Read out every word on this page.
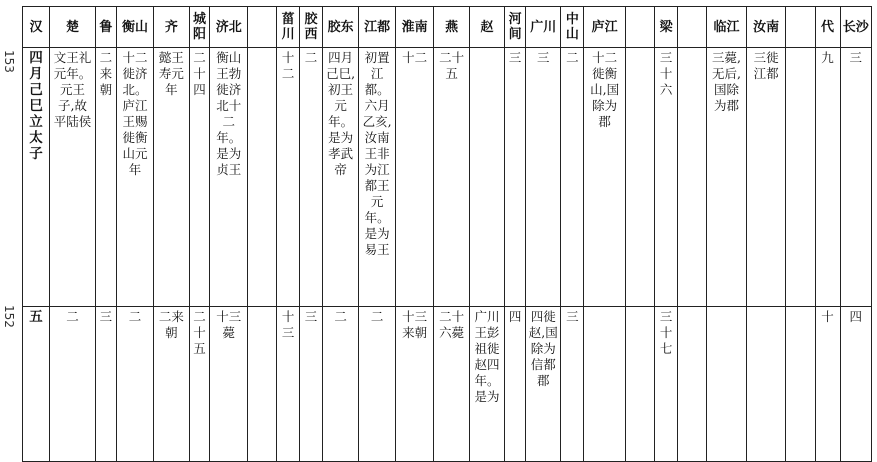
153
152
汉	楚	鲁	衡山	齐	城阳	济北		菑川	胶西	胶东	江都	淮南	燕	赵	河间	广川	中山	庐江		梁		临江	汝南		代	长沙

四月己巳立太子	文王礼元年。元王子,故平陆侯	二来朝	十二徙济北。庐江王赐徙衡山元年	懿王寿元年	二十四	衡山王勃徙济北十二年。是为贞王		十二	二	四月己巳,初王元年。是为孝武帝	初置江都。六月乙亥,汝南王非为江都王元年。是为易王	十二	二十五		三	三	二	十二徙衡山,国除为郡		三十六		三薨,无后,国除为郡	三徙江都		九	三

五	二	三	二	二来朝	二十五	十三薨		十三	三	二	二	十三来朝	二十六薨	广川王彭祖徙赵四年。是为	四	四徙赵,国除为信都郡	三			三十七					十	四
